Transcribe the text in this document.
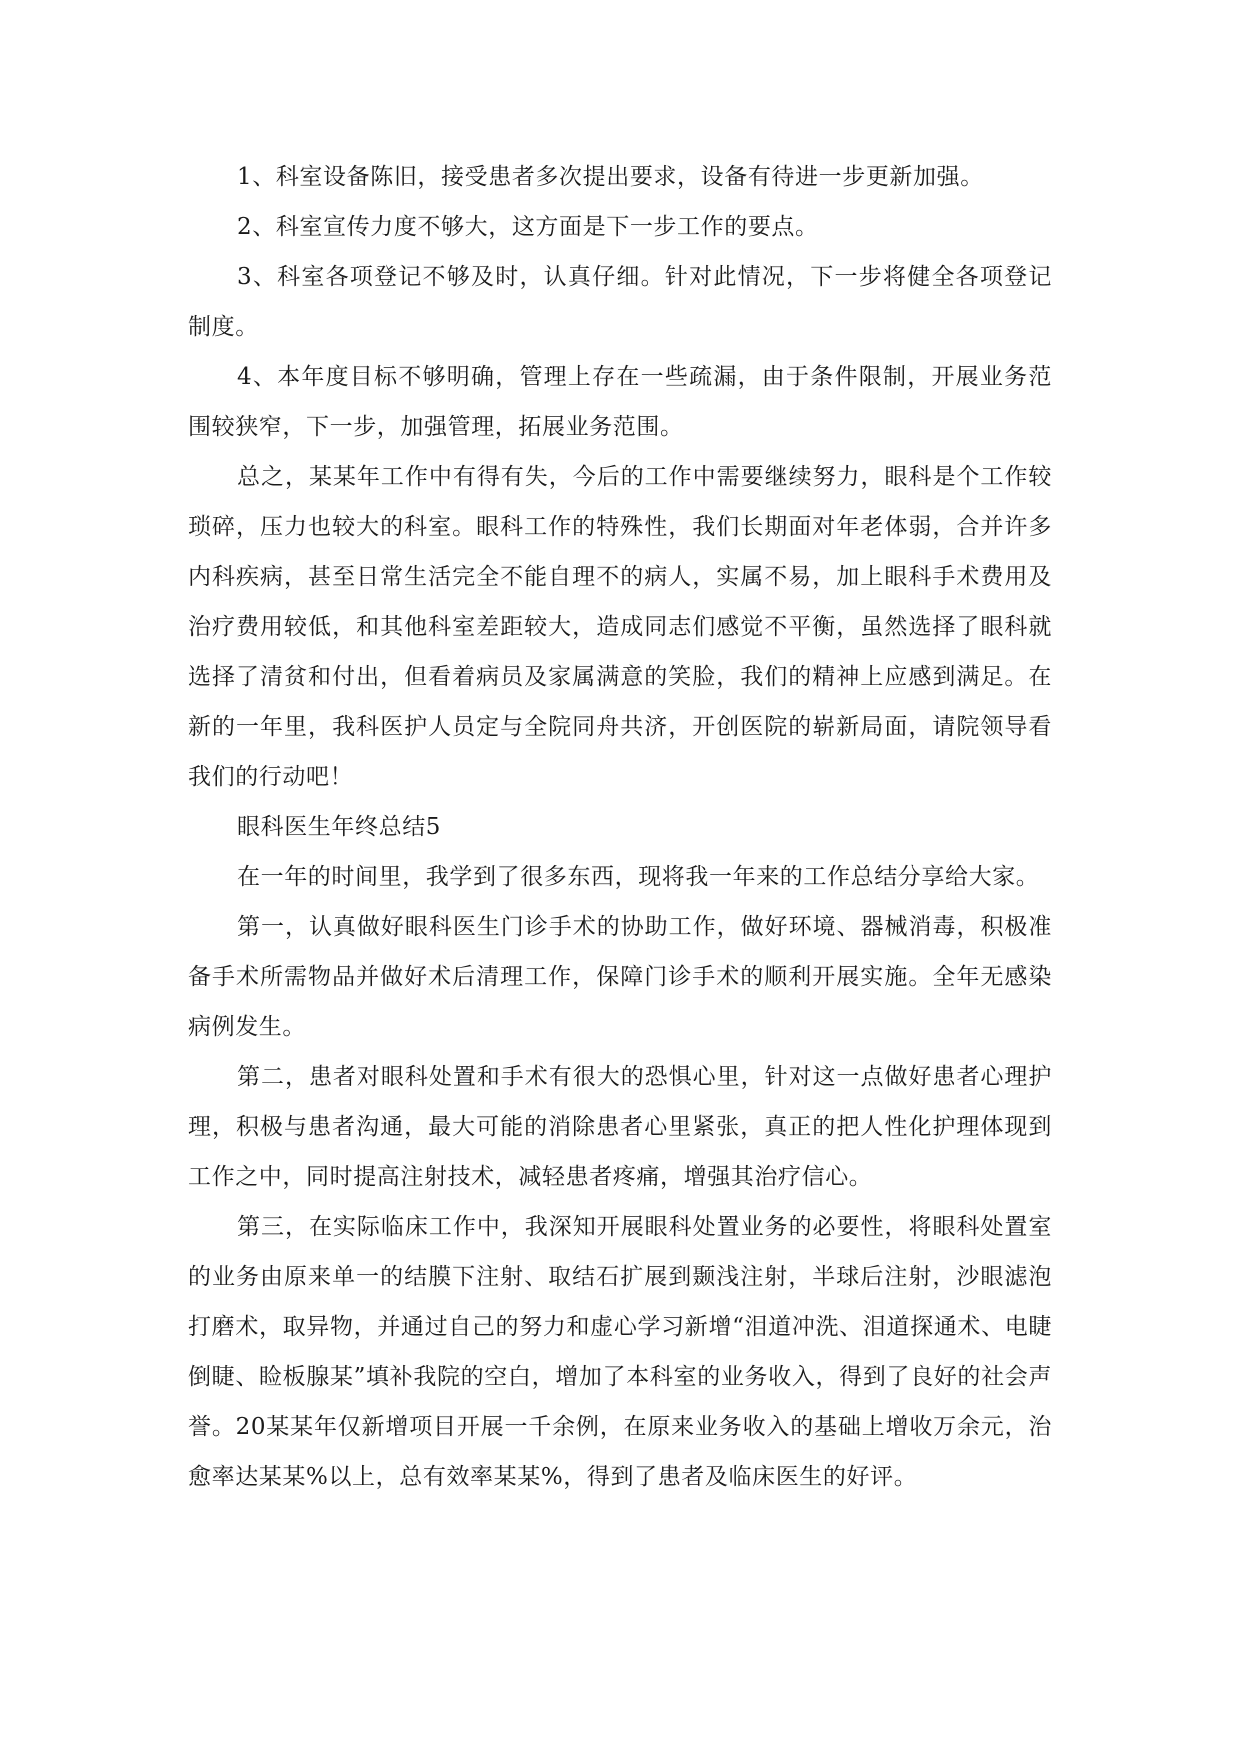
1、科室设备陈旧，接受患者多次提出要求，设备有待进一步更新加强。

2、科室宣传力度不够大，这方面是下一步工作的要点。

3、科室各项登记不够及时，认真仔细。针对此情况，下一步将健全各项登记制度。

4、本年度目标不够明确，管理上存在一些疏漏，由于条件限制，开展业务范围较狭窄，下一步，加强管理，拓展业务范围。

总之，某某年工作中有得有失，今后的工作中需要继续努力，眼科是个工作较琐碎，压力也较大的科室。眼科工作的特殊性，我们长期面对年老体弱，合并许多内科疾病，甚至日常生活完全不能自理不的病人，实属不易，加上眼科手术费用及治疗费用较低，和其他科室差距较大，造成同志们感觉不平衡，虽然选择了眼科就选择了清贫和付出，但看着病员及家属满意的笑脸，我们的精神上应感到满足。在新的一年里，我科医护人员定与全院同舟共济，开创医院的崭新局面，请院领导看我们的行动吧！

眼科医生年终总结5

在一年的时间里，我学到了很多东西，现将我一年来的工作总结分享给大家。

第一，认真做好眼科医生门诊手术的协助工作，做好环境、器械消毒，积极准备手术所需物品并做好术后清理工作，保障门诊手术的顺利开展实施。全年无感染病例发生。

第二，患者对眼科处置和手术有很大的恐惧心里，针对这一点做好患者心理护理，积极与患者沟通，最大可能的消除患者心里紧张，真正的把人性化护理体现到工作之中，同时提高注射技术，减轻患者疼痛，增强其治疗信心。

第三，在实际临床工作中，我深知开展眼科处置业务的必要性，将眼科处置室的业务由原来单一的结膜下注射、取结石扩展到颞浅注射，半球后注射，沙眼滤泡打磨术，取异物，并通过自己的努力和虚心学习新增“泪道冲洗、泪道探通术、电睫倒睫、睑板腺某”填补我院的空白，增加了本科室的业务收入，得到了良好的社会声誉。20某某年仅新增项目开展一千余例，在原来业务收入的基础上增收万余元，治愈率达某某%以上，总有效率某某%，得到了患者及临床医生的好评。
